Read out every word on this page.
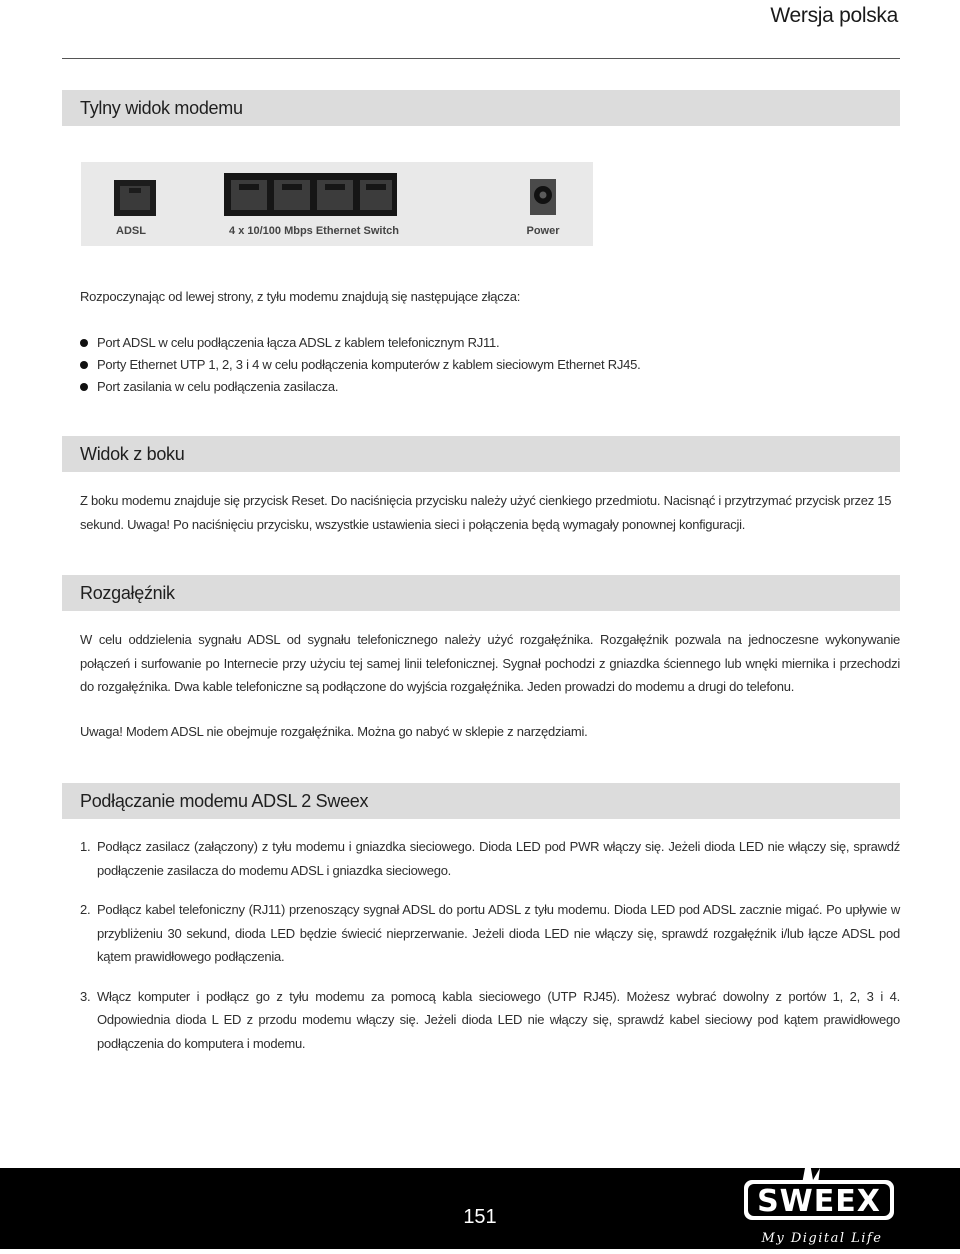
Wersja polska
Tylny widok modemu
ADSL	4 x 10/100 Mbps Ethernet Switch	Power
Rozpoczynając od lewej strony, z tyłu modemu znajdują się następujące złącza:
Port ADSL w celu podłączenia łącza ADSL z kablem telefonicznym RJ11.
Porty Ethernet UTP 1, 2, 3 i 4 w celu podłączenia komputerów z kablem sieciowym Ethernet RJ45.
Port zasilania w celu podłączenia zasilacza.
Widok z boku
Z boku modemu znajduje się przycisk Reset. Do naciśnięcia przycisku należy użyć cienkiego przedmiotu. Nacisnąć i przytrzymać przycisk przez 15 sekund. Uwaga! Po naciśnięciu przycisku, wszystkie ustawienia sieci i połączenia będą wymagały ponownej konfiguracji.
Rozgałęźnik
W celu oddzielenia sygnału ADSL od sygnału telefonicznego należy użyć rozgałęźnika. Rozgałęźnik pozwala na jednoczesne wykonywanie połączeń i surfowanie po Internecie przy użyciu tej samej linii telefonicznej. Sygnał pochodzi z gniazdka ściennego lub wnęki miernika i przechodzi do rozgałęźnika. Dwa kable telefoniczne są podłączone do wyjścia rozgałęźnika. Jeden prowadzi do modemu a drugi do telefonu.
Uwaga! Modem ADSL nie obejmuje rozgałęźnika. Można go nabyć w sklepie z narzędziami.
Podłączanie modemu ADSL 2 Sweex
1. Podłącz zasilacz (załączony) z tyłu modemu i gniazdka sieciowego. Dioda LED pod PWR włączy się. Jeżeli dioda LED nie włączy się, sprawdź podłączenie zasilacza do modemu ADSL i gniazdka sieciowego.
2. Podłącz kabel telefoniczny (RJ11) przenoszący sygnał ADSL do portu ADSL z tyłu modemu. Dioda LED pod ADSL zacznie migać. Po upływie w przybliżeniu 30 sekund, dioda LED będzie świecić nieprzerwanie. Jeżeli dioda LED nie włączy się, sprawdź rozgałęźnik i/lub łącze ADSL pod kątem prawidłowego podłączenia.
3. Włącz komputer i podłącz go z tyłu modemu za pomocą kabla sieciowego (UTP RJ45). Możesz wybrać dowolny z portów 1, 2, 3 i 4. Odpowiednia dioda L ED z przodu modemu włączy się. Jeżeli dioda LED nie włączy się, sprawdź kabel sieciowy pod kątem prawidłowego podłączenia do komputera i modemu.
151	SWEEX
My Digital Life
